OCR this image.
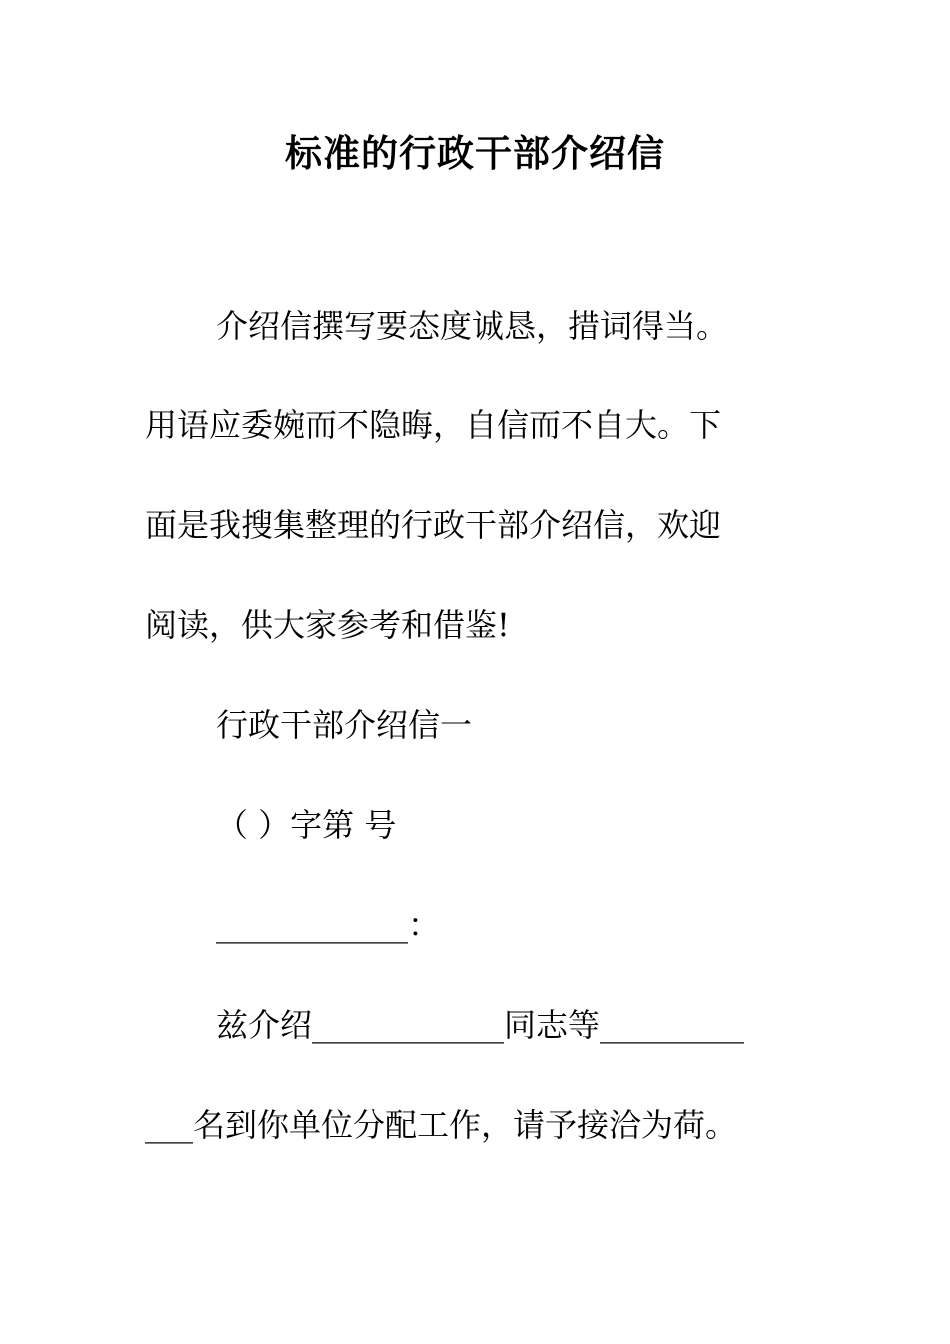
标准的行政干部介绍信
介绍信撰写要态度诚恳，措词得当。
用语应委婉而不隐晦，自信而不自大。下
面是我搜集整理的行政干部介绍信，欢迎
阅读，供大家参考和借鉴!
行政干部介绍信一
（ ）字第 号
____________：
兹介绍____________同志等_________
___名到你单位分配工作，请予接洽为荷。
